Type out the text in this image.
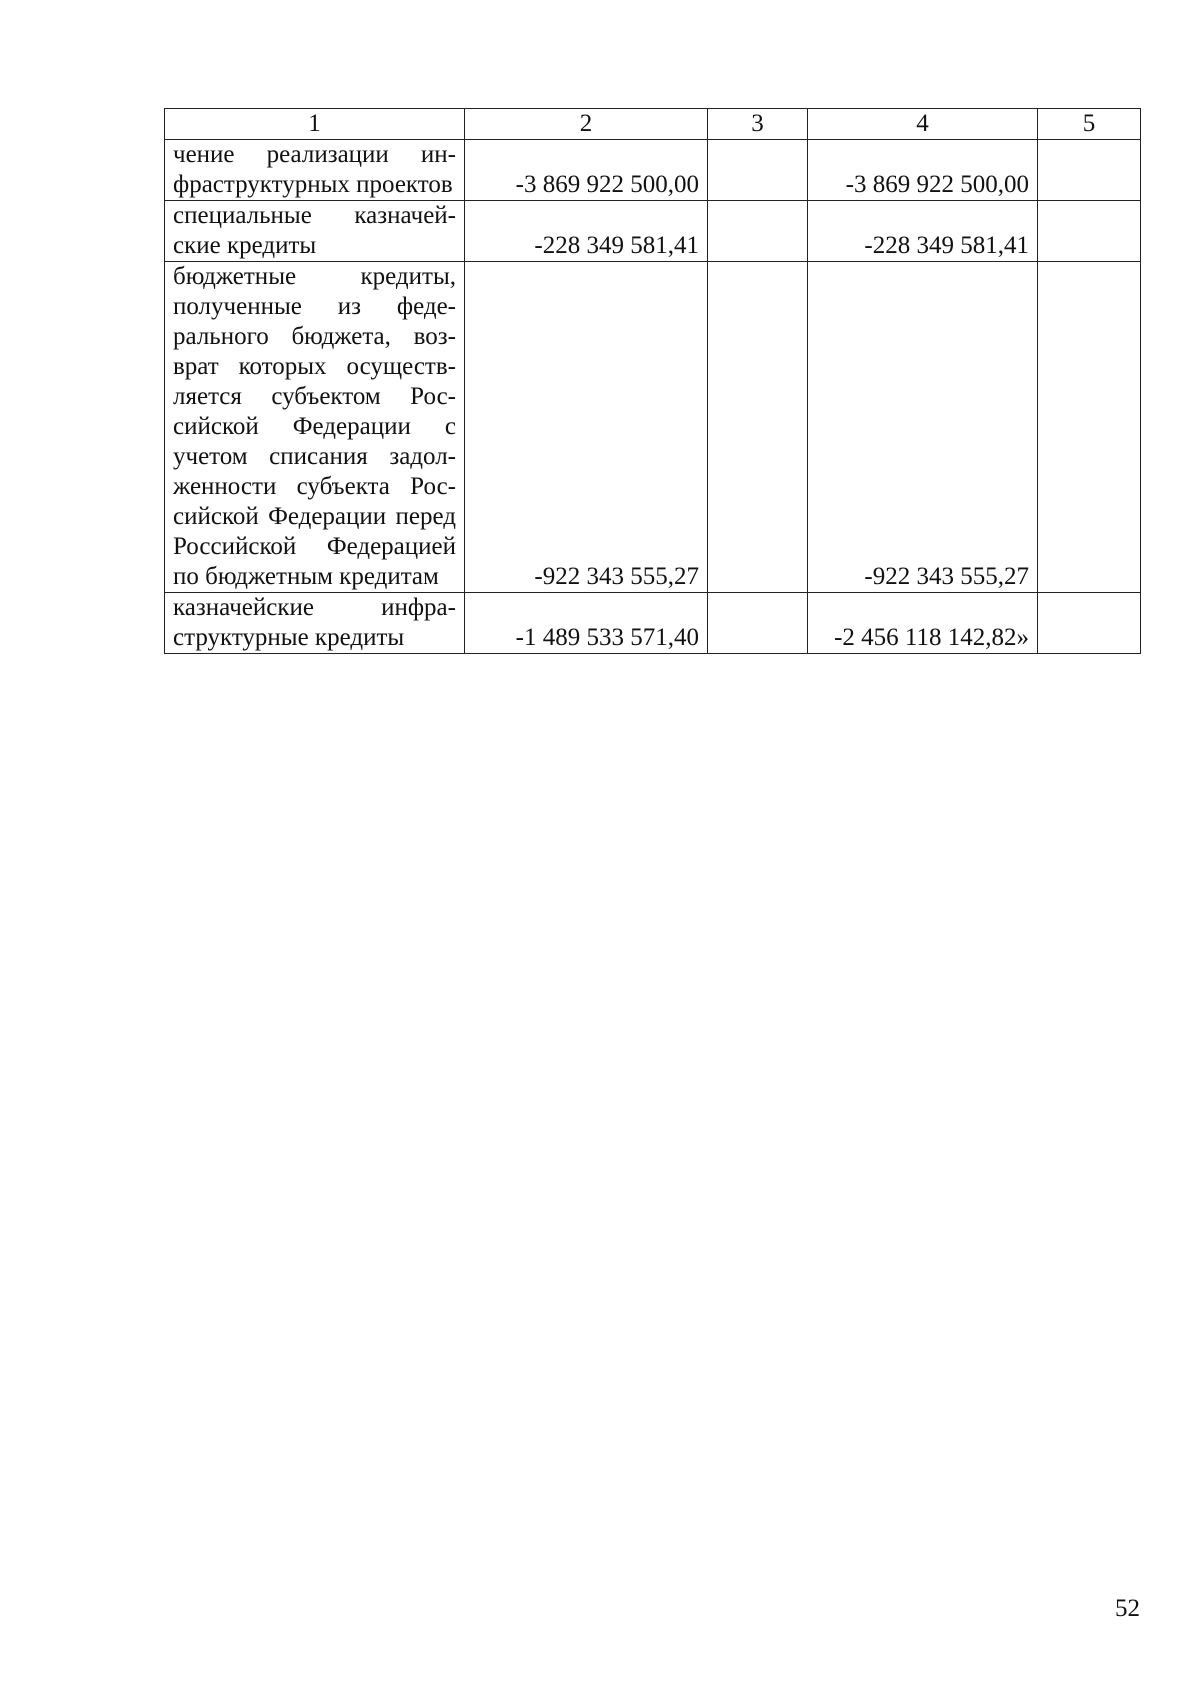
1	2	3	4	5
чение реализации инфраструктурных проектов	-3 869 922 500,00		-3 869 922 500,00	
специальные казначейские кредиты	-228 349 581,41		-228 349 581,41	
бюджетные кредиты, полученные из федерального бюджета, возврат которых осуществляется субъектом Российской Федерации с учетом списания задолженности субъекта Российской Федерации перед Российской Федерацией по бюджетным кредитам	-922 343 555,27		-922 343 555,27	
казначейские инфраструктурные кредиты	-1 489 533 571,40		-2 456 118 142,82»	
52
